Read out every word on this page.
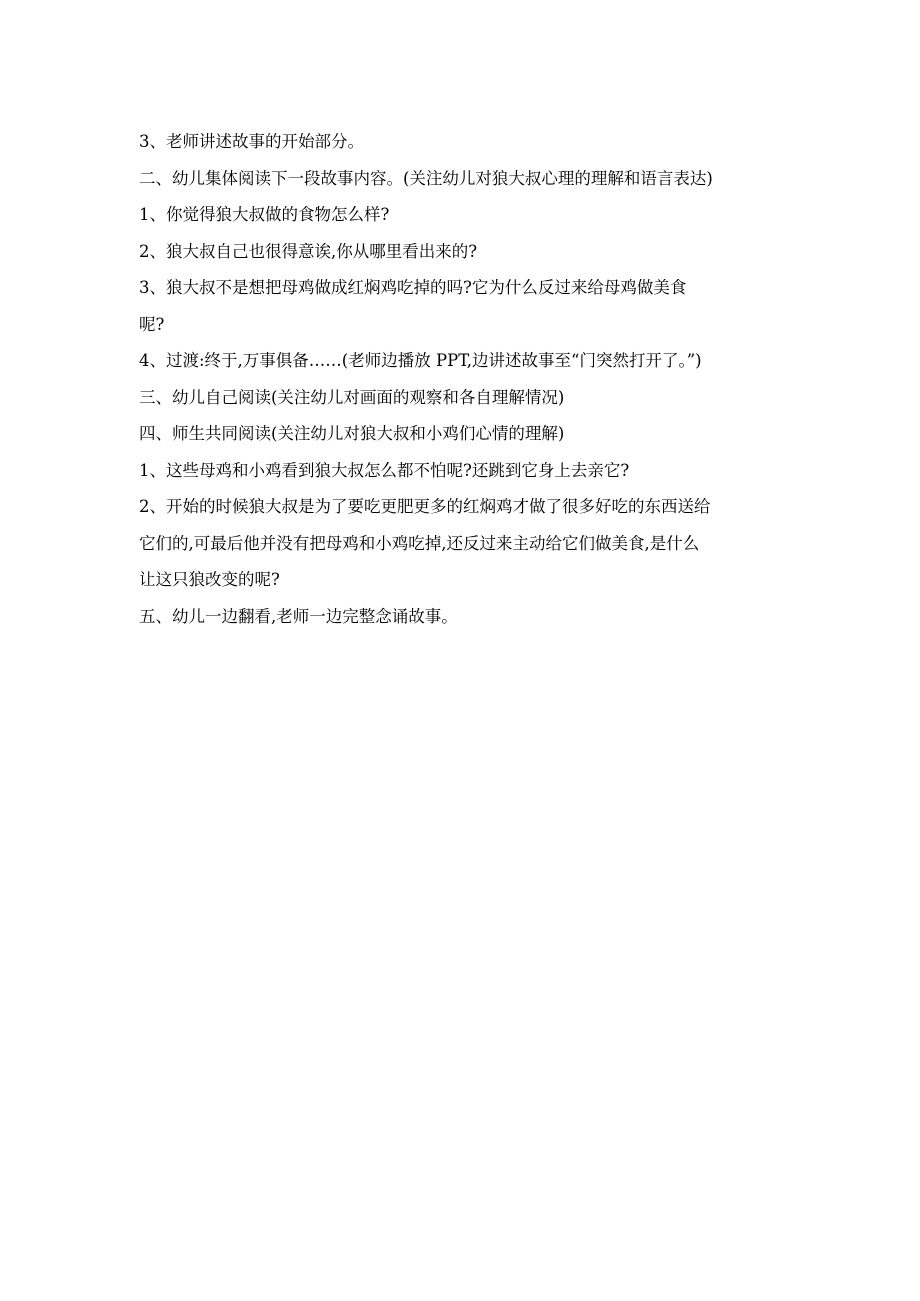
3、老师讲述故事的开始部分。

二、幼儿集体阅读下一段故事内容。(关注幼儿对狼大叔心理的理解和语言表达)

1、你觉得狼大叔做的食物怎么样?

2、狼大叔自己也很得意诶,你从哪里看出来的?

3、狼大叔不是想把母鸡做成红焖鸡吃掉的吗?它为什么反过来给母鸡做美食

呢?

4、过渡:终于,万事俱备……(老师边播放 PPT,边讲述故事至“门突然打开了。”)

三、幼儿自己阅读(关注幼儿对画面的观察和各自理解情况)

四、师生共同阅读(关注幼儿对狼大叔和小鸡们心情的理解)

1、这些母鸡和小鸡看到狼大叔怎么都不怕呢?还跳到它身上去亲它?

2、开始的时候狼大叔是为了要吃更肥更多的红焖鸡才做了很多好吃的东西送给

它们的,可最后他并没有把母鸡和小鸡吃掉,还反过来主动给它们做美食,是什么

让这只狼改变的呢?

五、幼儿一边翻看,老师一边完整念诵故事。
